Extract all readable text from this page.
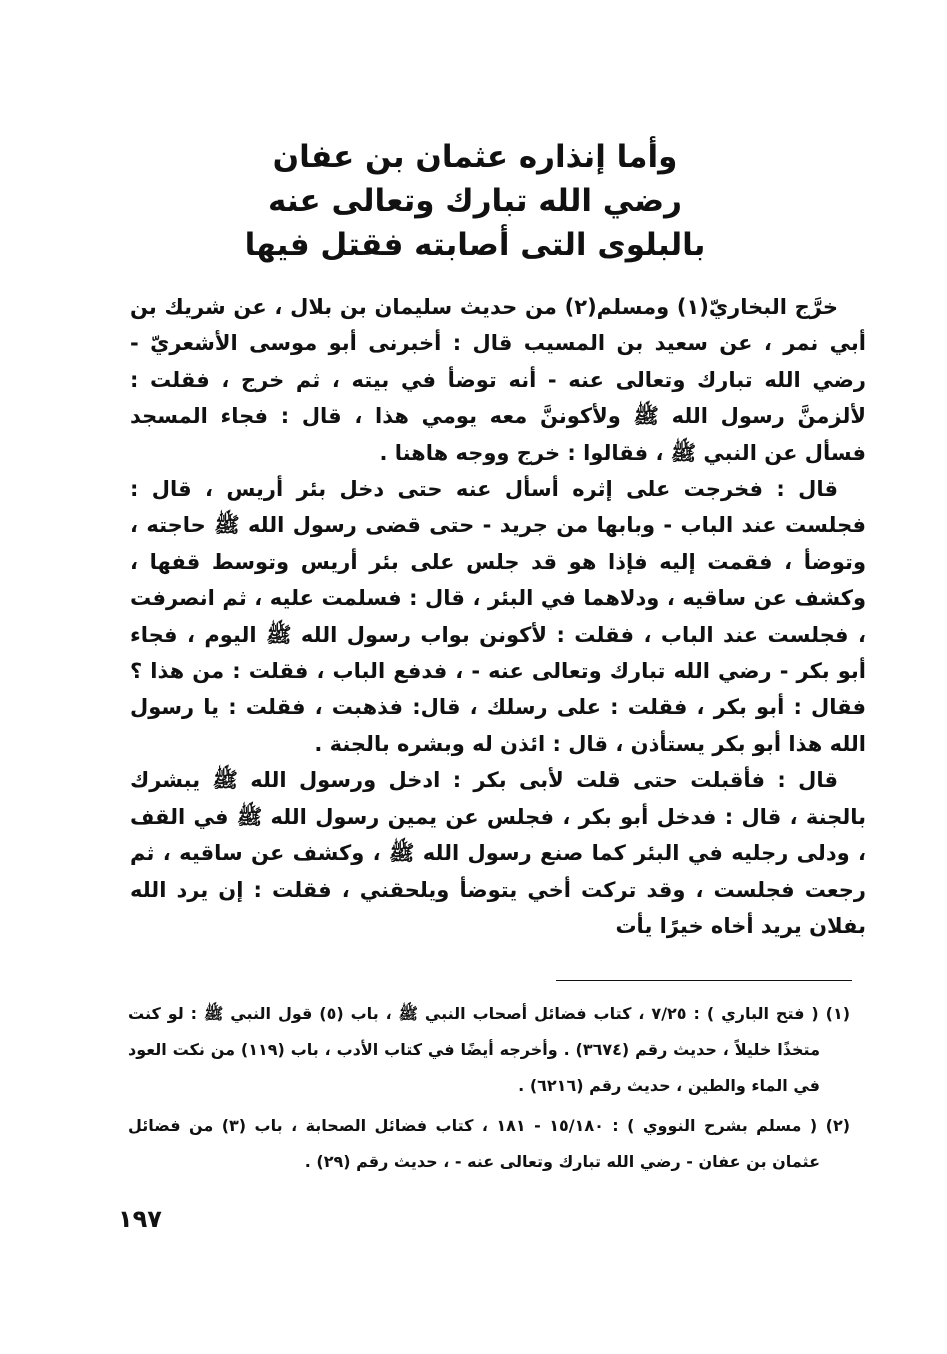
وأما إنذاره عثمان بن عفان
رضي الله تبارك وتعالى عنه
بالبلوى التى أصابته فقتل فيها

خرَّج البخاريّ(١) ومسلم(٢) من حديث سليمان بن بلال ، عن شريك بن أبي نمر ، عن سعيد بن المسيب قال : أخبرنى أبو موسى الأشعريّ - رضي الله تبارك وتعالى عنه - أنه توضأ في بيته ، ثم خرج ، فقلت : لألزمنَّ رسول الله ﷺ ولأكوننَّ معه يومي هذا ، قال : فجاء المسجد فسأل عن النبي ﷺ ، فقالوا : خرج ووجه هاهنا .

قال : فخرجت على إثره أسأل عنه حتى دخل بئر أريس ، قال : فجلست عند الباب - وبابها من جريد - حتى قضى رسول الله ﷺ حاجته ، وتوضأ ، فقمت إليه فإذا هو قد جلس على بئر أريس وتوسط قفها ، وكشف عن ساقيه ، ودلاهما في البئر ، قال : فسلمت عليه ، ثم انصرفت ، فجلست عند الباب ، فقلت : لأكونن بواب رسول الله ﷺ اليوم ، فجاء أبو بكر - رضي الله تبارك وتعالى عنه - ، فدفع الباب ، فقلت : من هذا ؟ فقال : أبو بكر ، فقلت : على رسلك ، قال: فذهبت ، فقلت : يا رسول الله هذا أبو بكر يستأذن ، قال : ائذن له وبشره بالجنة .

قال : فأقبلت حتى قلت لأبى بكر : ادخل ورسول الله ﷺ يبشرك بالجنة ، قال : فدخل أبو بكر ، فجلس عن يمين رسول الله ﷺ في القف ، ودلى رجليه في البئر كما صنع رسول الله ﷺ ، وكشف عن ساقيه ، ثم رجعت فجلست ، وقد تركت أخي يتوضأ ويلحقني ، فقلت : إن يرد الله بفلان يريد أخاه خيرًا يأت

(١) ( فتح الباري ) : ٧/٢٥ ، كتاب فضائل أصحاب النبي ﷺ ، باب (٥) قول النبي ﷺ : لو كنت متخذًا خليلاً ، حديث رقم (٣٦٧٤) . وأخرجه أيضًا في كتاب الأدب ، باب (١١٩) من نكت العود في الماء والطين ، حديث رقم (٦٢١٦) .

(٢) ( مسلم بشرح النووي ) : ١٥/١٨٠ - ١٨١ ، كتاب فضائل الصحابة ، باب (٣) من فضائل عثمان بن عفان - رضي الله تبارك وتعالى عنه - ، حديث رقم (٢٩) .

١٩٧
